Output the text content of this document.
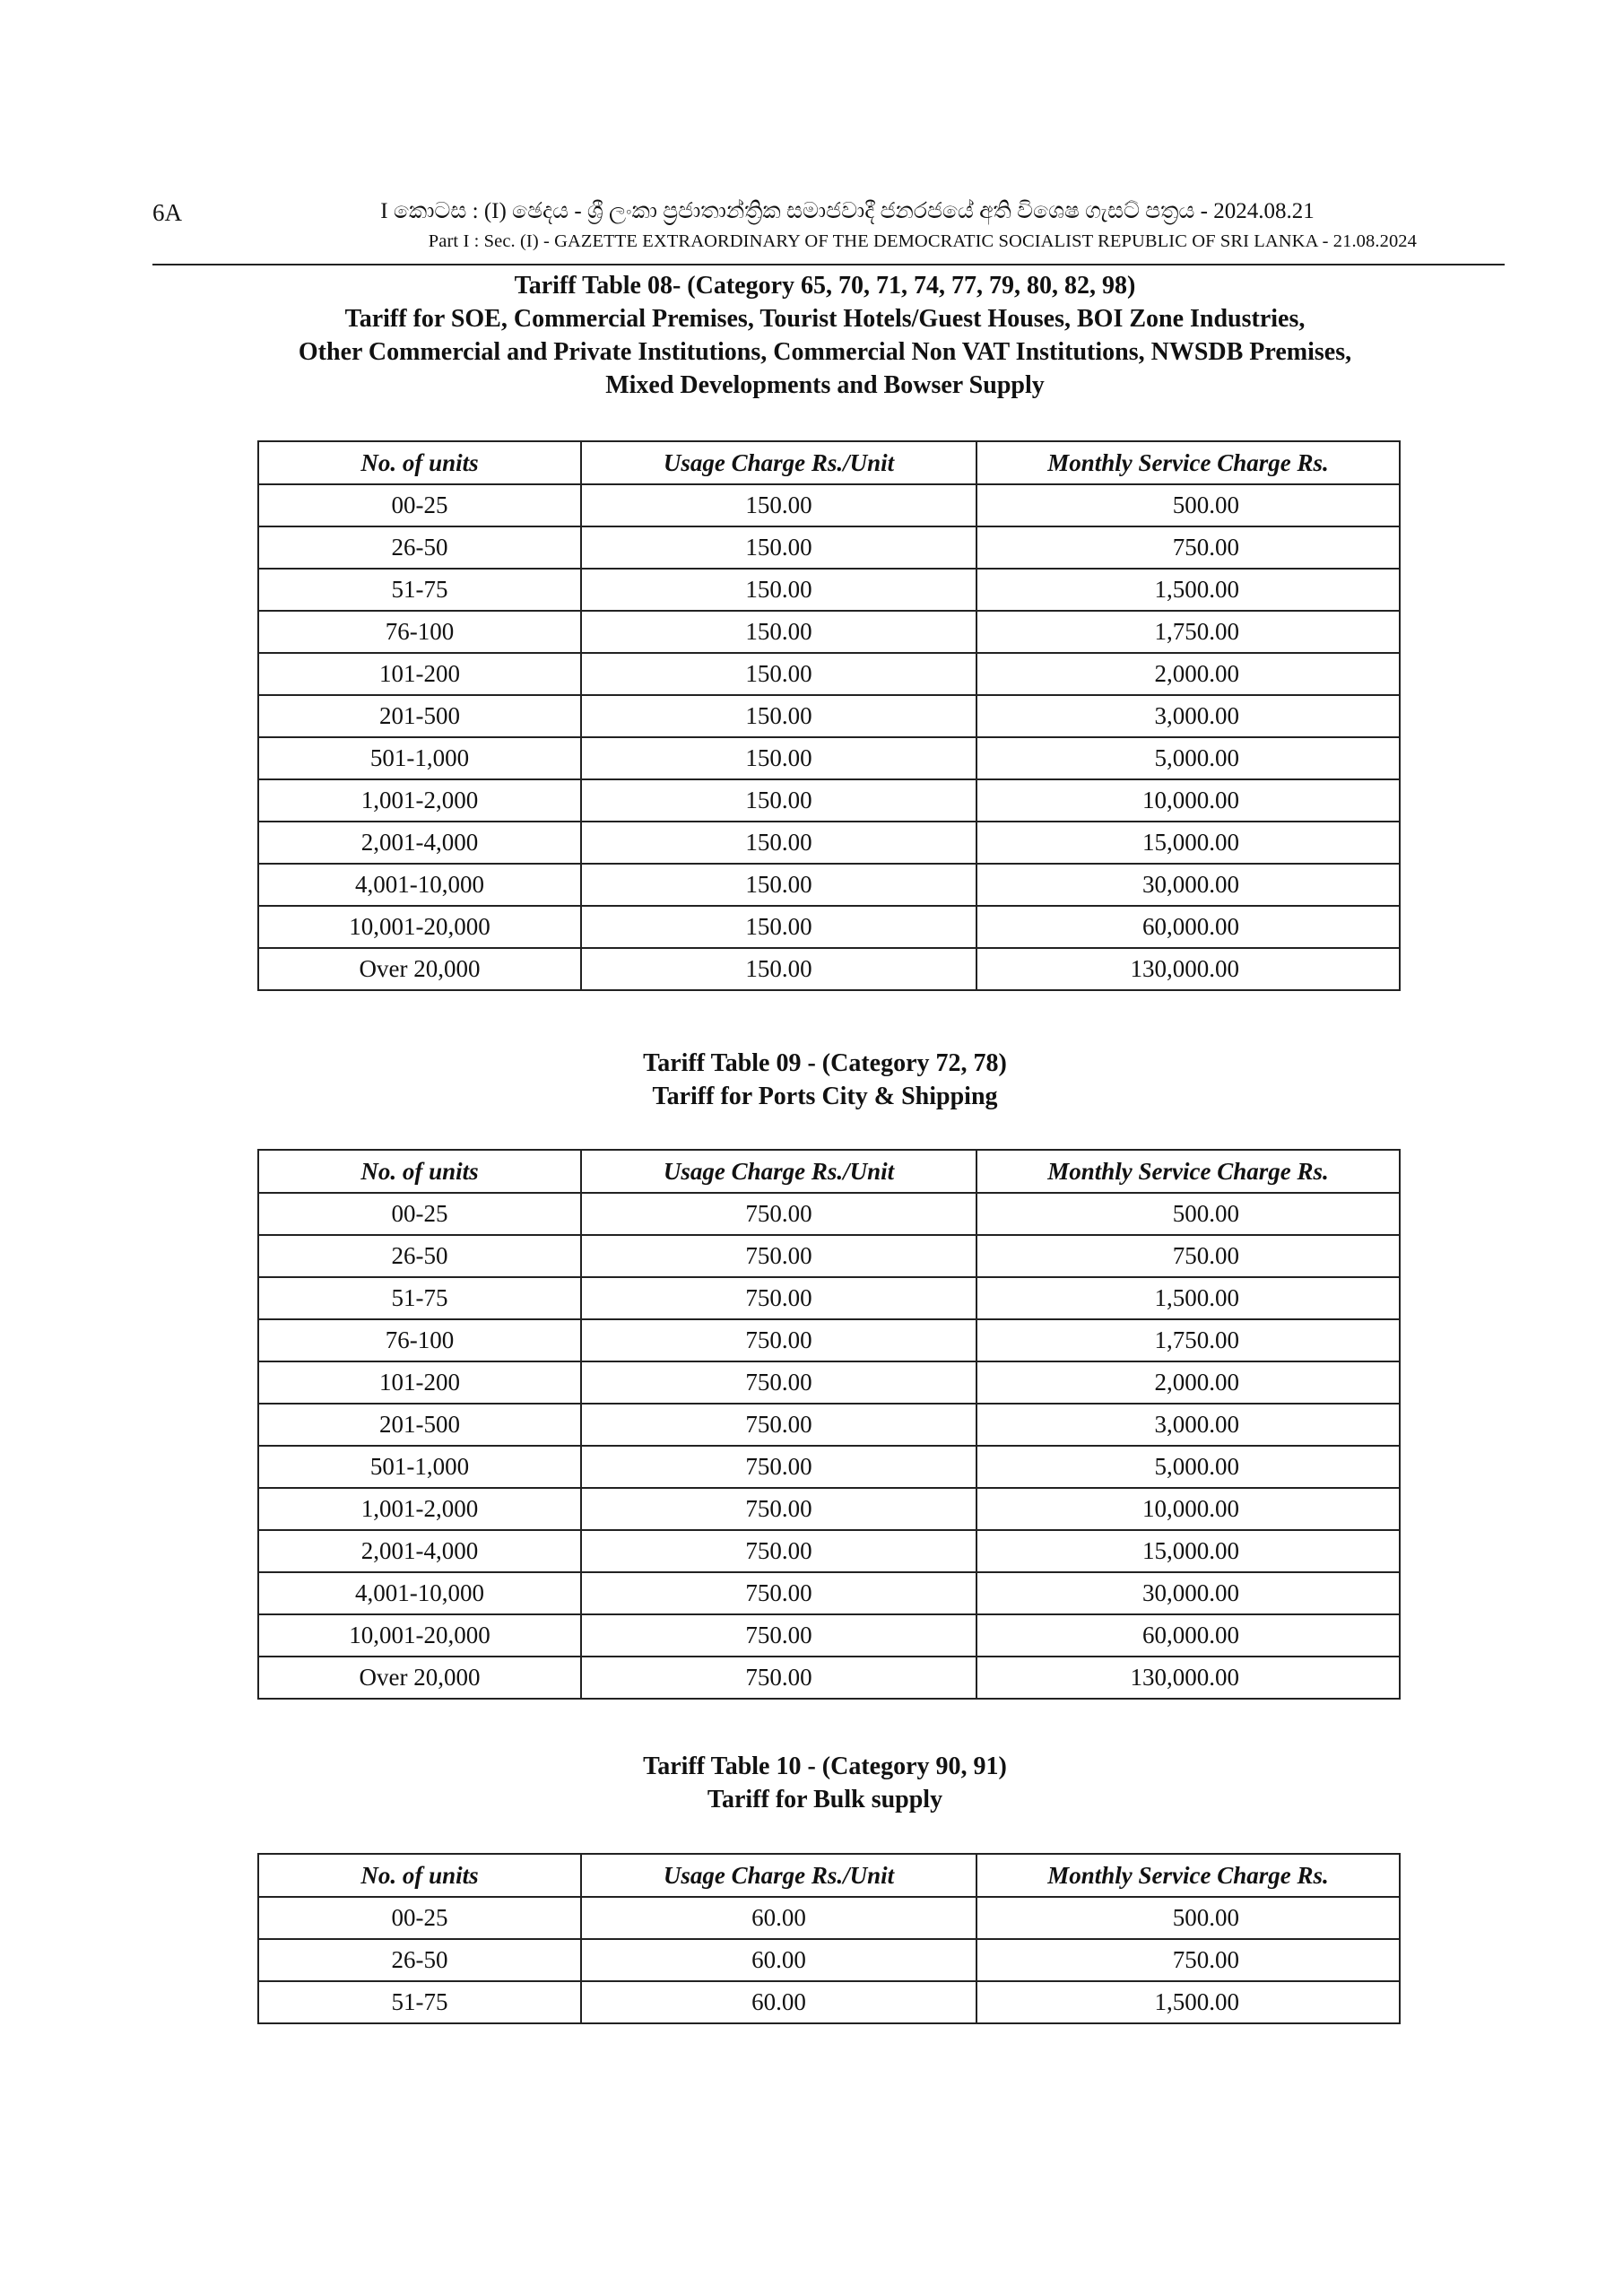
6A	I කොටස : (I) ඡෙදය - ශ්‍රී ලංකා ප්‍රජාතාන්ත්‍රික සමාජවාදී ජනරජයේ අති විශෙෂ ගැසට් පත්‍රය - 2024.08.21
Part I : Sec. (I) - GAZETTE EXTRAORDINARY OF THE DEMOCRATIC SOCIALIST REPUBLIC OF SRI LANKA - 21.08.2024
Tariff Table 08- (Category 65, 70, 71, 74, 77, 79, 80, 82, 98)
Tariff for SOE, Commercial Premises, Tourist Hotels/Guest Houses, BOI Zone Industries,
Other Commercial and Private Institutions, Commercial Non VAT Institutions, NWSDB Premises,
Mixed Developments and Bowser Supply
No. of units	Usage Charge Rs./Unit	Monthly Service Charge Rs.
00-25	150.00	500.00
26-50	150.00	750.00
51-75	150.00	1,500.00
76-100	150.00	1,750.00
101-200	150.00	2,000.00
201-500	150.00	3,000.00
501-1,000	150.00	5,000.00
1,001-2,000	150.00	10,000.00
2,001-4,000	150.00	15,000.00
4,001-10,000	150.00	30,000.00
10,001-20,000	150.00	60,000.00
Over 20,000	150.00	130,000.00
Tariff Table 09 - (Category 72, 78)
Tariff for Ports City & Shipping
No. of units	Usage Charge Rs./Unit	Monthly Service Charge Rs.
00-25	750.00	500.00
26-50	750.00	750.00
51-75	750.00	1,500.00
76-100	750.00	1,750.00
101-200	750.00	2,000.00
201-500	750.00	3,000.00
501-1,000	750.00	5,000.00
1,001-2,000	750.00	10,000.00
2,001-4,000	750.00	15,000.00
4,001-10,000	750.00	30,000.00
10,001-20,000	750.00	60,000.00
Over 20,000	750.00	130,000.00
Tariff Table 10 - (Category 90, 91)
Tariff for Bulk supply
No. of units	Usage Charge Rs./Unit	Monthly Service Charge Rs.
00-25	60.00	500.00
26-50	60.00	750.00
51-75	60.00	1,500.00
